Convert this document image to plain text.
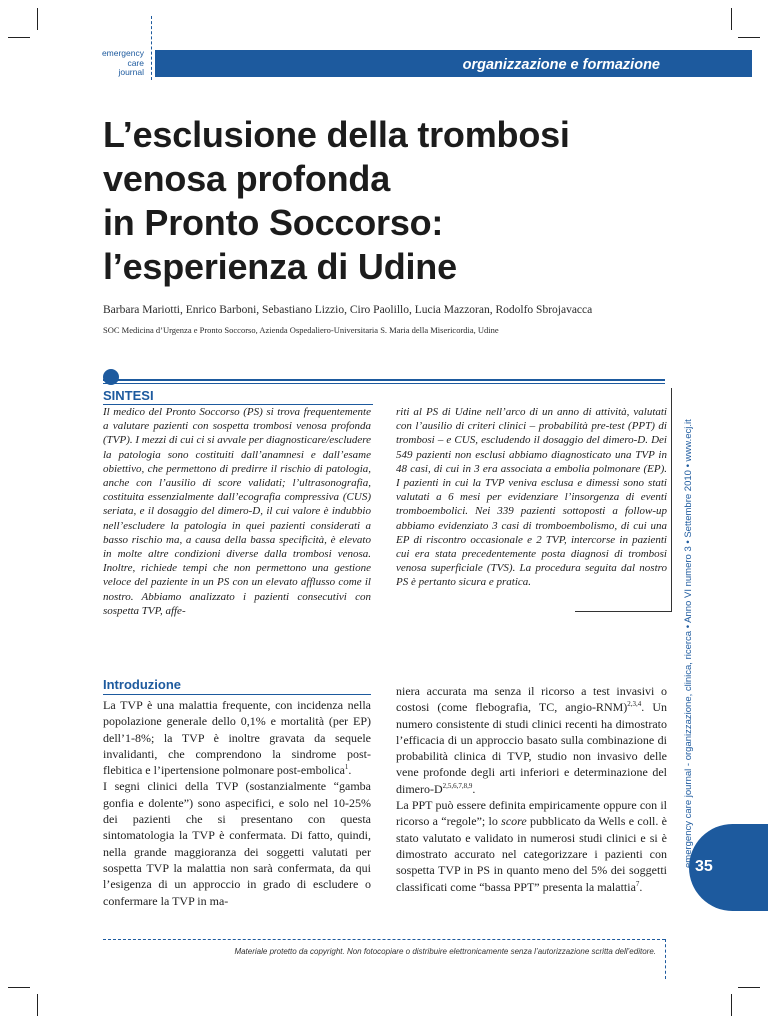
emergency
care
journal	organizzazione e formazione
L’esclusione della trombosi
venosa profonda
in Pronto Soccorso:
l’esperienza di Udine
Barbara Mariotti, Enrico Barboni, Sebastiano Lizzio, Ciro Paolillo, Lucia Mazzoran, Rodolfo Sbrojavacca
SOC Medicina d’Urgenza e Pronto Soccorso, Azienda Ospedaliero-Universitaria S. Maria della Misericordia, Udine
SINTESI
Il medico del Pronto Soccorso (PS) si trova frequentemente a valutare pazienti con sospetta trombosi venosa profonda (TVP). I mezzi di cui ci si avvale per diagnosticare/escludere la patologia sono costituiti dall’anamnesi e dall’esame obiettivo, che permettono di predirre il rischio di patologia, anche con l’ausilio di score validati; l’ultrasonografia, costituita essenzialmente dall’ecografia compressiva (CUS) seriata, e il dosaggio del dimero-D, il cui valore è indubbio nell’escludere la patologia in quei pazienti considerati a basso rischio ma, a causa della bassa specificità, è elevato in molte altre condizioni diverse dalla trombosi venosa. Inoltre, richiede tempi che non permettono una gestione veloce del paziente in un PS con un elevato afflusso come il nostro. Abbiamo analizzato i pazienti consecutivi con sospetta TVP, affe-
riti al PS di Udine nell’arco di un anno di attività, valutati con l’ausilio di criteri clinici – probabilità pre-test (PPT) di trombosi – e CUS, escludendo il dosaggio del dimero-D. Dei 549 pazienti non esclusi abbiamo diagnosticato una TVP in 48 casi, di cui in 3 era associata a embolia polmonare (EP). I pazienti in cui la TVP veniva esclusa e dimessi sono stati valutati a 6 mesi per evidenziare l’insorgenza di eventi tromboembolici. Nei 339 pazienti sottoposti a follow-up abbiamo evidenziato 3 casi di tromboembolismo, di cui una EP di riscontro occasionale e 2 TVP, intercorse in pazienti cui era stata precedentemente posta diagnosi di trombosi venosa superficiale (TVS). La procedura seguita dal nostro PS è pertanto sicura e pratica.
Introduzione

La TVP è una malattia frequente, con incidenza nella popolazione generale dello 0,1% e mortalità (per EP) dell’1-8%; la TVP è inoltre gravata da sequele invalidanti, che comprendono la sindrome post-flebitica e l’ipertensione polmonare post-embolica$^1$.

I segni clinici della TVP (sostanzialmente “gamba gonfia e dolente”) sono aspecifici, e solo nel 10-25% dei pazienti che si presentano con questa sintomatologia la TVP è confermata. Di fatto, quindi, nella grande maggioranza dei soggetti valutati per sospetta TVP la malattia non sarà confermata, da qui l’esigenza di un approccio in grado di escludere o confermare la TVP in ma-

niera accurata ma senza il ricorso a test invasivi o costosi (come flebografia, TC, angio-RNM)$^{2,3,4}$. Un numero consistente di studi clinici recenti ha dimostrato l’efficacia di un approccio basato sulla combinazione di probabilità clinica di TVP, studio non invasivo delle vene profonde degli arti inferiori e determinazione del dimero-$D^{2,5,6,7,8,9}$.

La PPT può essere definita empiricamente oppure con il ricorso a “regole”; lo score pubblicato da Wells e coll. è stato valutato e validato in numerosi studi clinici e si è dimostrato accurato nel categorizzare i pazienti con sospetta TVP in PS in quanto meno del 5% dei soggetti classificati come “bassa PPT” presenta la malattia$^7$.

emergency care journal - organizzazione, clinica, ricerca • Anno VI numero 3 • Settembre 2010 • www.ecj.it 35
Materiale protetto da copyright. Non fotocopiare o distribuire elettronicamente senza l’autorizzazione scritta dell’editore.
